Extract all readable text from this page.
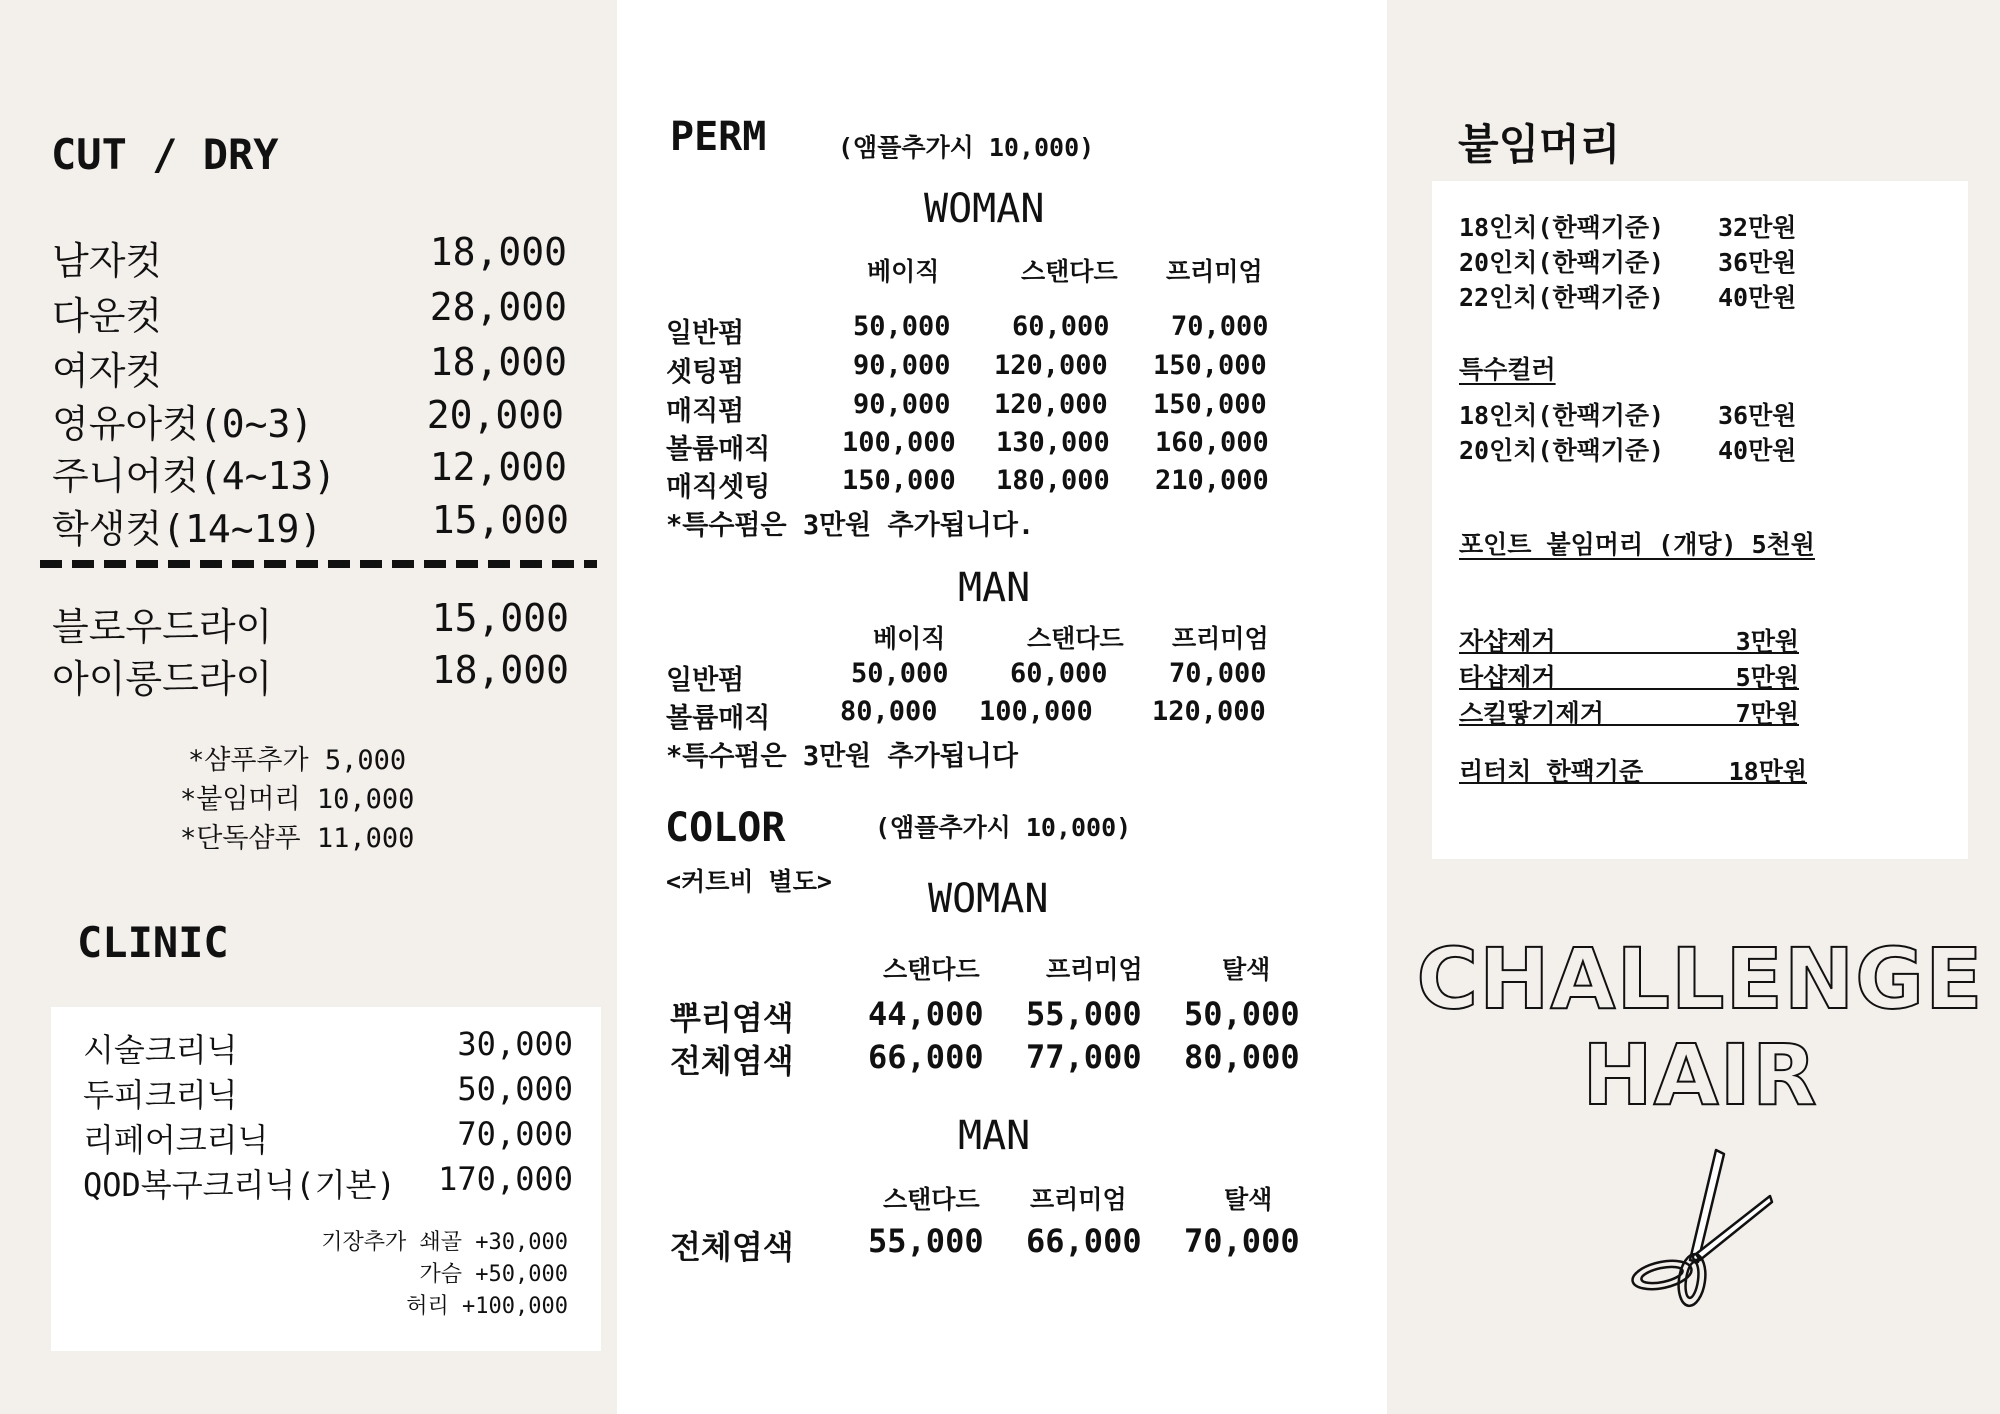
CUT / DRY
남자컷	18,000
다운컷	28,000
여자컷	18,000
영유아컷(0~3)	20,000
주니어컷(4~13) 12,000
학생컷(14~19)	15,000
블로우드라이	15,000
아이롱드라이	18,000
*샴푸추가 5,000
*붙임머리 10,000
*단독샴푸 11,000
CLINIC
시술크리닉	30,000
두피크리닉	50,000
리페어크리닉	70,000
QOD복구크리닉(기본) 170,000
기장추가 쇄골 +30,000
가슴 +50,000
허리 +100,000
PERM	(앰플추가시 10,000)
WOMAN
베이직	스탠다드 프리미엄
일반펌	50,000 60,000 70,000
셋팅펌	90,000 120,000 150,000
매직펌	90,000 120,000 150,000
볼륨매직	100,000 130,000 160,000
매직셋팅	150,000 180,000 210,000
*특수펌은 3만원 추가됩니다.
MAN
베이직	스탠다드 프리미엄
일반펌	50,000 60,000 70,000
볼륨매직	80,000 100,000 120,000
*특수펌은 3만원 추가됩니다
COLOR	(앰플추가시 10,000)
<커트비 별도> WOMAN
스탠다드	프리미엄	탈색
뿌리염색 44,000 55,000 50,000
전체염색 66,000 77,000 80,000
MAN
스탠다드 프리미엄	탈색
전체염색 55,000 66,000 70,000
붙임머리
18인치(한팩기준) 32만원
20인치(한팩기준) 36만원
22인치(한팩기준) 40만원
특수컬러
18인치(한팩기준) 36만원
20인치(한팩기준) 40만원
포인트 붙임머리 (개당) 5천원
자샵제거	3만원
타샵제거	5만원
스킬땋기제거	7만원
리터치 한팩기준	18만원
CHALLENGE
HAIR
